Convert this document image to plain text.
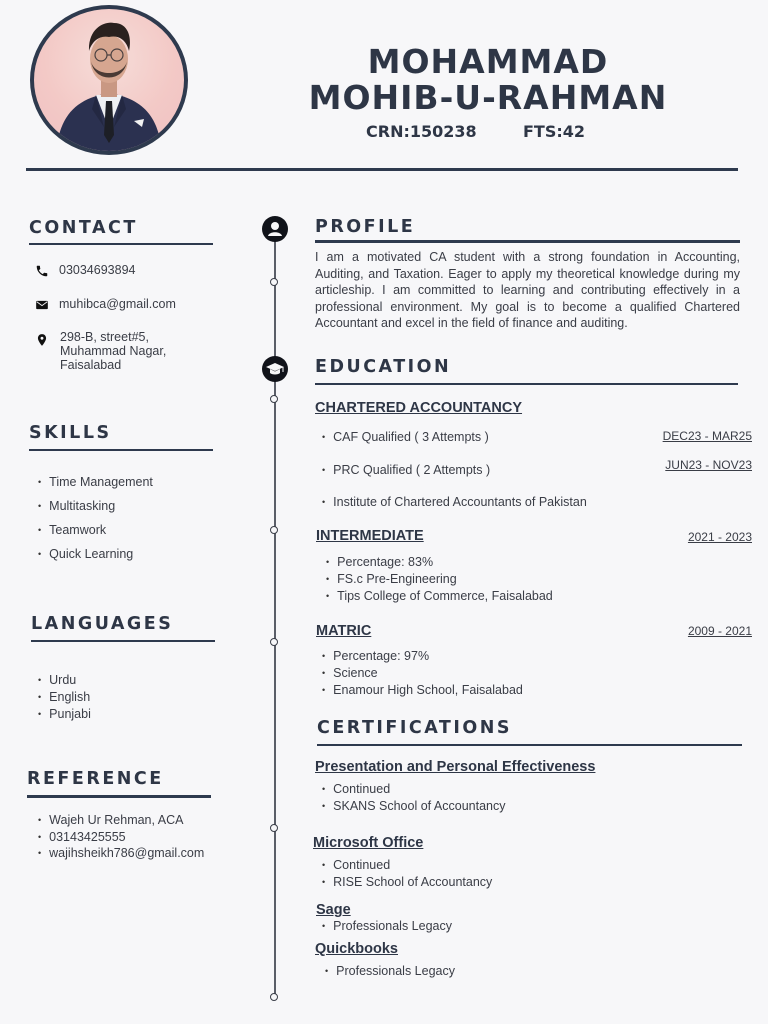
MOHAMMAD
MOHIB-U-RAHMAN
CRN:150238	FTS:42
CONTACT
03034693894
muhibca@gmail.com
298-B, street#5,
Muhammad Nagar,
Faisalabad
SKILLS
• Time Management
• Multitasking
• Teamwork
• Quick Learning
LANGUAGES
• Urdu
• English
• Punjabi
REFERENCE
• Wajeh Ur Rehman, ACA
• 03143425555
• wajihsheikh786@gmail.com
PROFILE
I am a motivated CA student with a strong foundation in Accounting, Auditing, and Taxation. Eager to apply my theoretical knowledge during my articleship. I am committed to learning and contributing effectively in a professional environment. My goal is to become a qualified Chartered Accountant and excel in the field of finance and auditing.
EDUCATION
CHARTERED ACCOUNTANCY
• CAF Qualified ( 3 Attempts )	DEC23 - MAR25
• PRC Qualified ( 2 Attempts )	JUN23 - NOV23
• Institute of Chartered Accountants of Pakistan
INTERMEDIATE	2021 - 2023
• Percentage: 83%
• FS.c Pre-Engineering
• Tips College of Commerce, Faisalabad
MATRIC	2009 - 2021
• Percentage: 97%
• Science
• Enamour High School, Faisalabad
CERTIFICATIONS
Presentation and Personal Effectiveness
• Continued
• SKANS School of Accountancy
Microsoft Office
• Continued
• RISE School of Accountancy
Sage
• Professionals Legacy
Quickbooks
• Professionals Legacy
